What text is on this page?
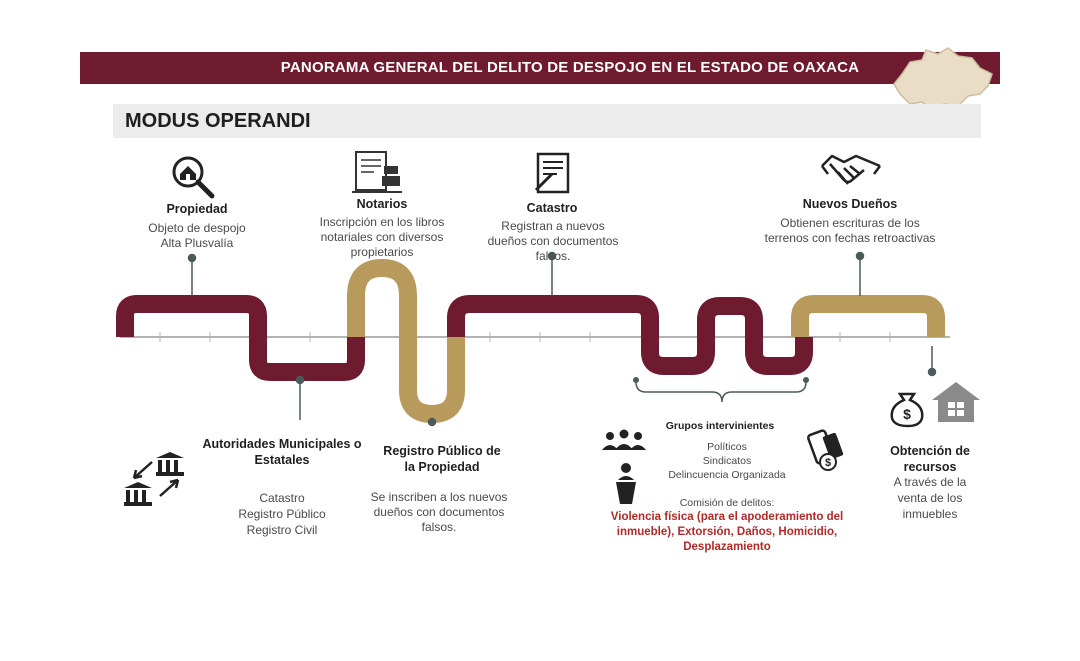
PANORAMA GENERAL DEL DELITO DE DESPOJO EN EL ESTADO DE OAXACA
MODUS OPERANDI
$
$
Propiedad
Objeto de despojo
Alta Plusvalía
Notarios
Inscripción en los libros
notariales con diversos
propietarios
Catastro
Registran a nuevos
dueños con documentos
falsos.
Nuevos Dueños
Obtienen escrituras de los
terrenos con fechas retroactivas
Autoridades Municipales o
Estatales
Catastro
Registro Público
Registro Civil
Registro Público de
la Propiedad
Se inscriben a los nuevos
dueños con documentos
falsos.
Grupos intervinientes
Políticos
Sindicatos
Delincuencia Organizada
Comisión de delitos:
Violencia física (para el apoderamiento del
inmueble), Extorsión, Daños, Homicidio,
Desplazamiento
Obtención de
recursos
A través de la
venta de los
inmuebles
